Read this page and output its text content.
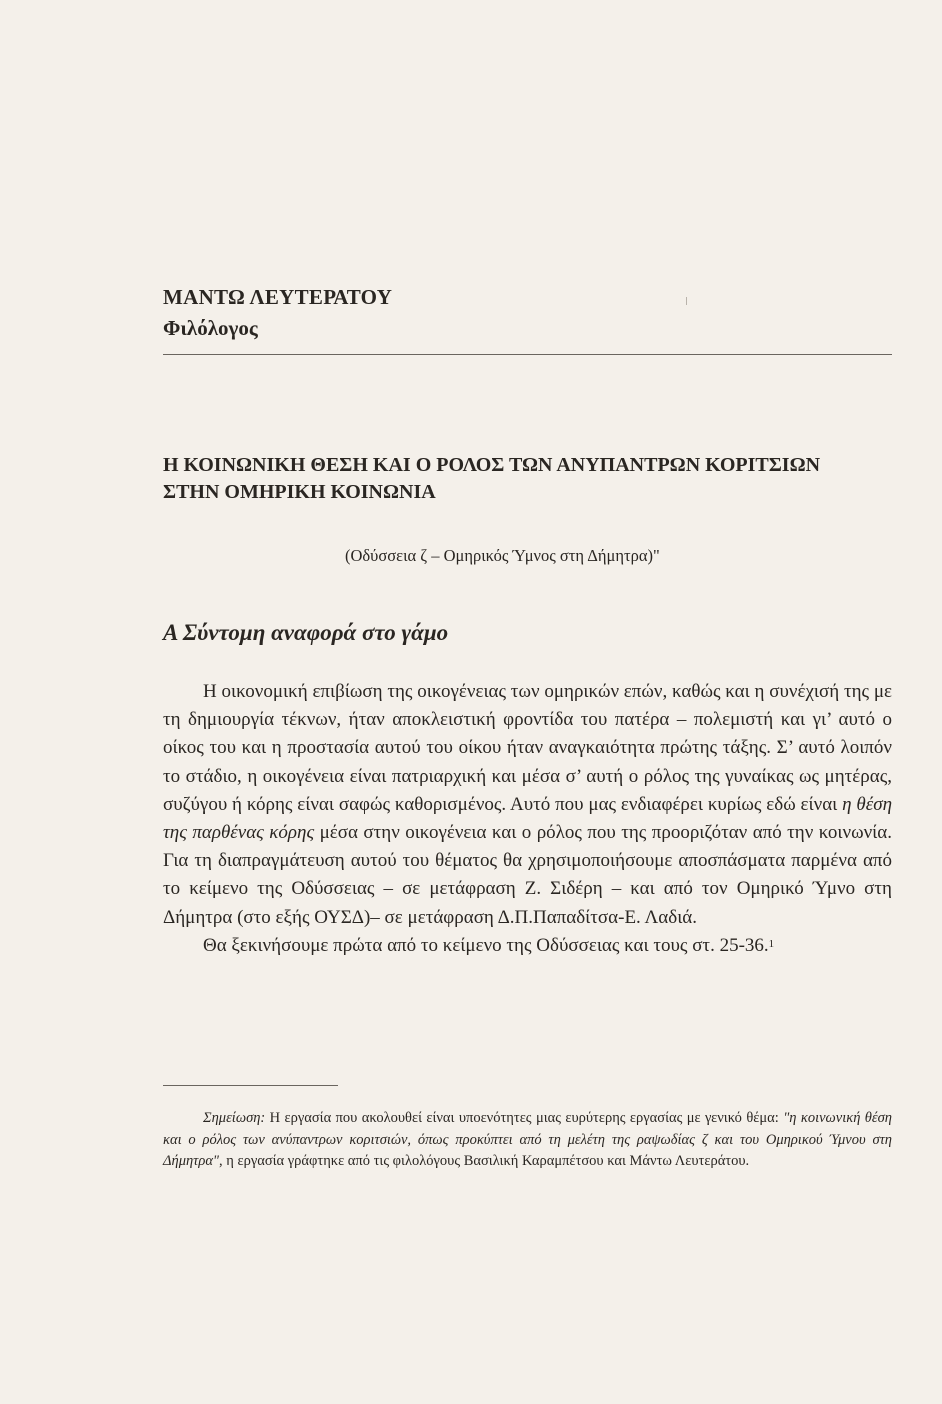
ΜΑΝΤΩ ΛΕΥΤΕΡΑΤΟΥ

Φιλόλογος

Η ΚΟΙΝΩΝΙΚΗ ΘΕΣΗ ΚΑΙ Ο ΡΟΛΟΣ ΤΩΝ ΑΝΥΠΑΝΤΡΩΝ ΚΟΡΙΤΣΙΩΝ
ΣΤΗΝ ΟΜΗΡΙΚΗ ΚΟΙΝΩΝΙΑ

(Οδύσσεια ζ – Ομηρικός Ύμνος στη Δήμητρα)"

Α Σύντομη αναφορά στο γάμο

Η οικονομική επιβίωση της οικογένειας των ομηρικών επών, καθώς και η συνέχισή της με τη δημιουργία τέκνων, ήταν αποκλειστική φροντίδα του πατέρα – πολεμιστή και γι’ αυτό ο οίκος του και η προστασία αυτού του οίκου ήταν αναγκαιότητα πρώτης τάξης. Σ’ αυτό λοιπόν το στάδιο, η οικογένεια είναι πατριαρχική και μέσα σ’ αυτή ο ρόλος της γυναίκας ως μητέρας, συζύγου ή κόρης είναι σαφώς καθορισμένος. Αυτό που μας ενδιαφέρει κυρίως εδώ είναι η θέση της παρθένας κόρης μέσα στην οικογένεια και ο ρόλος που της προοριζόταν από την κοινωνία. Για τη διαπραγμάτευση αυτού του θέματος θα χρησιμοποιήσουμε αποσπάσματα παρμένα από το κείμενο της Οδύσσειας – σε μετάφραση Ζ. Σιδέρη – και από τον Ομηρικό Ύμνο στη Δήμητρα (στο εξής ΟΥΣΔ)– σε μετάφραση Δ.Π.Παπαδίτσα-Ε. Λαδιά.

Θα ξεκινήσουμε πρώτα από το κείμενο της Οδύσσειας και τους στ. 25-36.$^1$

Σημείωση: Η εργασία που ακολουθεί είναι υποενότητες μιας ευρύτερης εργασίας με γενικό θέμα: "η κοινωνική θέση και ο ρόλος των ανύπαντρων κοριτσιών, όπως προκύπτει από τη μελέτη της ραψωδίας ζ και του Ομηρικού Ύμνου στη Δήμητρα", η εργασία γράφτηκε από τις φιλολόγους Βασιλική Καραμπέτσου και Μάντω Λευτεράτου.
